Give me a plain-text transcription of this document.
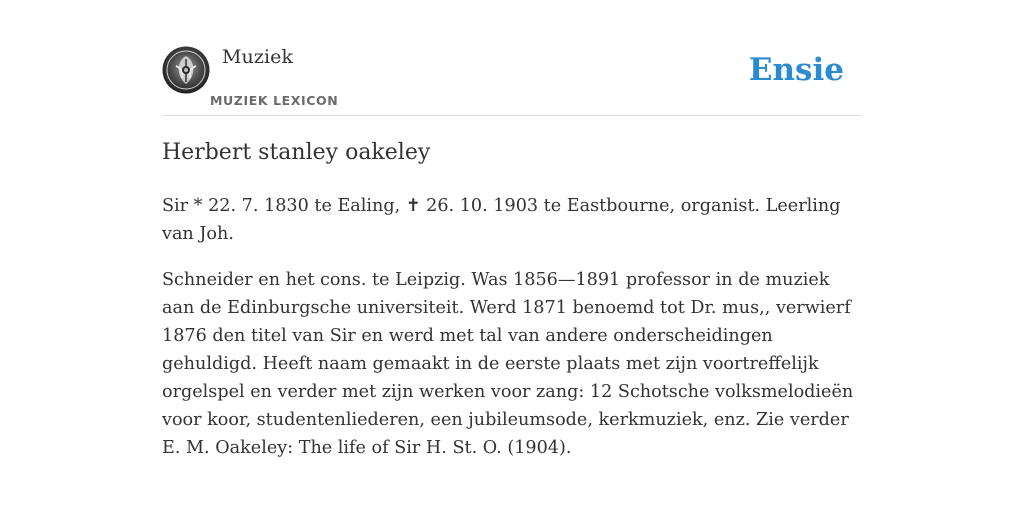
Muziek
MUZIEK LEXICON
Ensie
Herbert stanley oakeley

Sir * 22. 7. 1830 te Ealing, ✝ 26. 10. 1903 te Eastbourne, organist. Leerling van Joh.

Schneider en het cons. te Leipzig. Was 1856—1891 professor in de muziek aan de Edinburgsche universiteit. Werd 1871 benoemd tot Dr. mus,, verwierf 1876 den titel van Sir en werd met tal van andere onderscheidingen gehuldigd. Heeft naam gemaakt in de eerste plaats met zijn voortreffelijk orgelspel en verder met zijn werken voor zang: 12 Schotsche volksmelodieën voor koor, studentenliederen, een jubileumsode, kerkmuziek, enz. Zie verder E. M. Oakeley: The life of Sir H. St. O. (1904).
